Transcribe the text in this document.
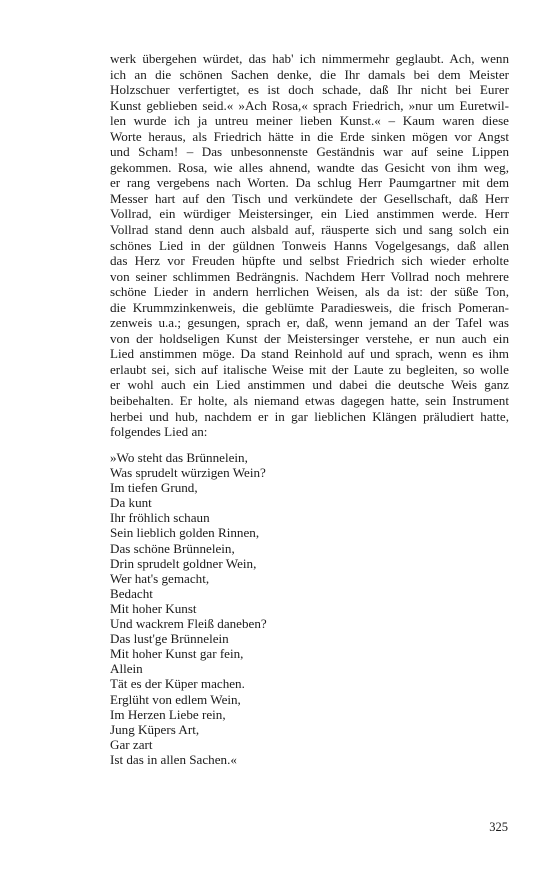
werk übergehen würdet, das hab' ich nimmermehr geglaubt. Ach, wenn
ich an die schönen Sachen denke, die Ihr damals bei dem Meister
Holzschuer verfertigtet, es ist doch schade, daß Ihr nicht bei Eurer
Kunst geblieben seid.« »Ach Rosa,« sprach Friedrich, »nur um Euretwil-
len wurde ich ja untreu meiner lieben Kunst.« – Kaum waren diese
Worte heraus, als Friedrich hätte in die Erde sinken mögen vor Angst
und Scham! – Das unbesonnenste Geständnis war auf seine Lippen
gekommen. Rosa, wie alles ahnend, wandte das Gesicht von ihm weg,
er rang vergebens nach Worten. Da schlug Herr Paumgartner mit dem
Messer hart auf den Tisch und verkündete der Gesellschaft, daß Herr
Vollrad, ein würdiger Meistersinger, ein Lied anstimmen werde. Herr
Vollrad stand denn auch alsbald auf, räusperte sich und sang solch ein
schönes Lied in der güldnen Tonweis Hanns Vogelgesangs, daß allen
das Herz vor Freuden hüpfte und selbst Friedrich sich wieder erholte
von seiner schlimmen Bedrängnis. Nachdem Herr Vollrad noch mehrere
schöne Lieder in andern herrlichen Weisen, als da ist: der süße Ton,
die Krummzinkenweis, die geblümte Paradiesweis, die frisch Pomeran-
zenweis u.a.; gesungen, sprach er, daß, wenn jemand an der Tafel was
von der holdseligen Kunst der Meistersinger verstehe, er nun auch ein
Lied anstimmen möge. Da stand Reinhold auf und sprach, wenn es ihm
erlaubt sei, sich auf italische Weise mit der Laute zu begleiten, so wolle
er wohl auch ein Lied anstimmen und dabei die deutsche Weis ganz
beibehalten. Er holte, als niemand etwas dagegen hatte, sein Instrument
herbei und hub, nachdem er in gar lieblichen Klängen präludiert hatte,
folgendes Lied an:
»Wo steht das Brünnelein,
Was sprudelt würzigen Wein?
Im tiefen Grund,
Da kunt
Ihr fröhlich schaun
Sein lieblich golden Rinnen,
Das schöne Brünnelein,
Drin sprudelt goldner Wein,
Wer hat's gemacht,
Bedacht
Mit hoher Kunst
Und wackrem Fleiß daneben?
Das lust'ge Brünnelein
Mit hoher Kunst gar fein,
Allein
Tät es der Küper machen.
Erglüht von edlem Wein,
Im Herzen Liebe rein,
Jung Küpers Art,
Gar zart
Ist das in allen Sachen.«
325
